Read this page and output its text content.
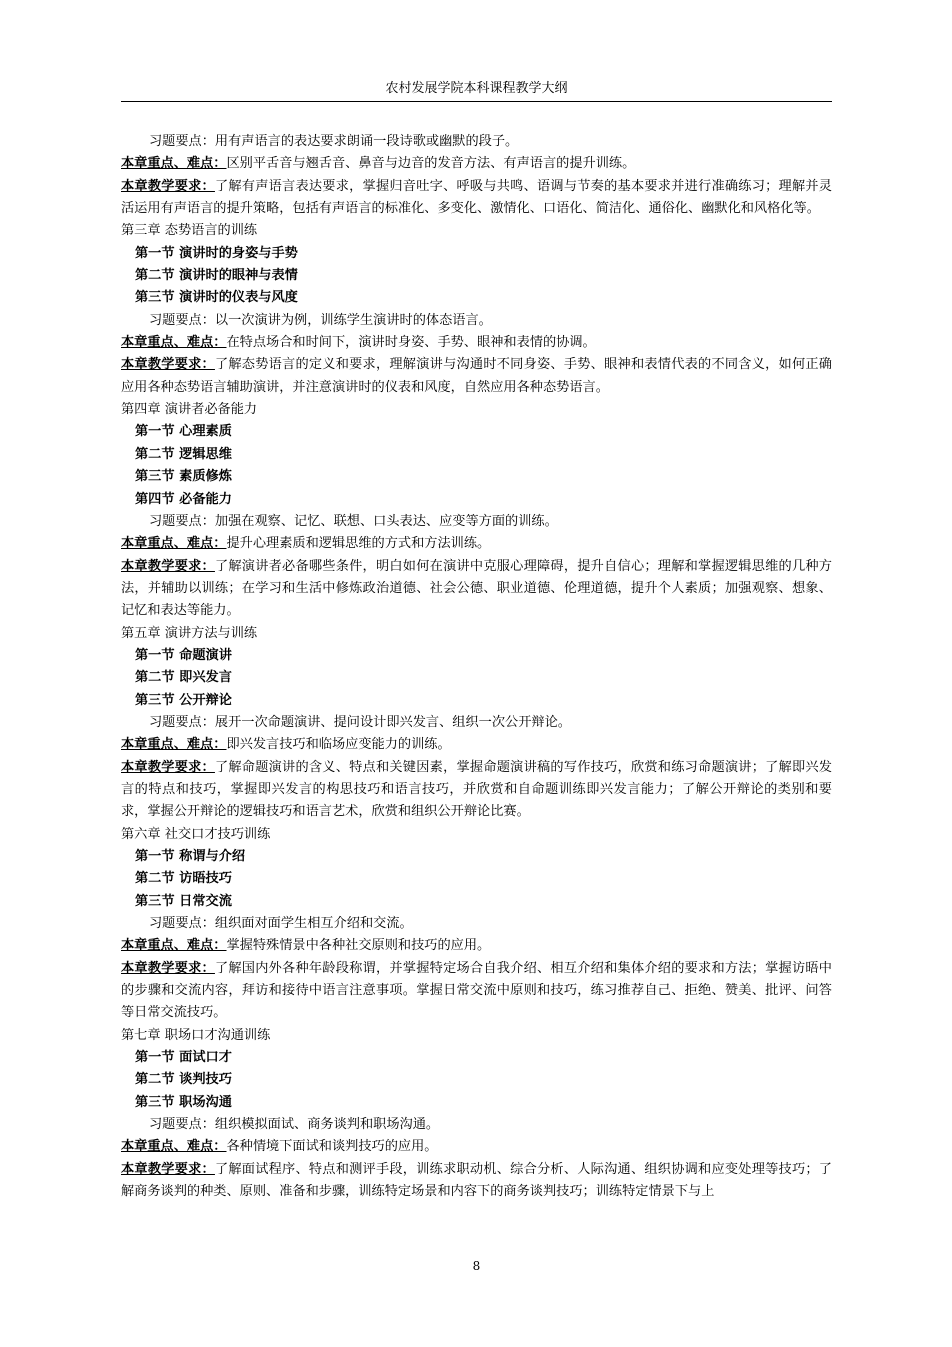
农村发展学院本科课程教学大纲

习题要点：用有声语言的表达要求朗诵一段诗歌或幽默的段子。

本章重点、难点：区别平舌音与翘舌音、鼻音与边音的发音方法、有声语言的提升训练。

本章教学要求：了解有声语言表达要求，掌握归音吐字、呼吸与共鸣、语调与节奏的基本要求并进行准确练习；理解并灵活运用有声语言的提升策略，包括有声语言的标准化、多变化、激情化、口语化、简洁化、通俗化、幽默化和风格化等。

第三章 态势语言的训练

第一节 演讲时的身姿与手势

第二节 演讲时的眼神与表情

第三节 演讲时的仪表与风度

习题要点：以一次演讲为例，训练学生演讲时的体态语言。

本章重点、难点：在特点场合和时间下，演讲时身姿、手势、眼神和表情的协调。

本章教学要求：了解态势语言的定义和要求，理解演讲与沟通时不同身姿、手势、眼神和表情代表的不同含义，如何正确应用各种态势语言辅助演讲，并注意演讲时的仪表和风度，自然应用各种态势语言。

第四章 演讲者必备能力

第一节 心理素质

第二节 逻辑思维

第三节 素质修炼

第四节 必备能力

习题要点：加强在观察、记忆、联想、口头表达、应变等方面的训练。

本章重点、难点：提升心理素质和逻辑思维的方式和方法训练。

本章教学要求：了解演讲者必备哪些条件，明白如何在演讲中克服心理障碍，提升自信心；理解和掌握逻辑思维的几种方法，并辅助以训练；在学习和生活中修炼政治道德、社会公德、职业道德、伦理道德，提升个人素质；加强观察、想象、记忆和表达等能力。

第五章 演讲方法与训练

第一节 命题演讲

第二节 即兴发言

第三节 公开辩论

习题要点：展开一次命题演讲、提问设计即兴发言、组织一次公开辩论。

本章重点、难点：即兴发言技巧和临场应变能力的训练。

本章教学要求：了解命题演讲的含义、特点和关键因素，掌握命题演讲稿的写作技巧，欣赏和练习命题演讲；了解即兴发言的特点和技巧，掌握即兴发言的构思技巧和语言技巧，并欣赏和自命题训练即兴发言能力；了解公开辩论的类别和要求，掌握公开辩论的逻辑技巧和语言艺术，欣赏和组织公开辩论比赛。

第六章 社交口才技巧训练

第一节 称谓与介绍

第二节 访晤技巧

第三节 日常交流

习题要点：组织面对面学生相互介绍和交流。

本章重点、难点：掌握特殊情景中各种社交原则和技巧的应用。

本章教学要求：了解国内外各种年龄段称谓，并掌握特定场合自我介绍、相互介绍和集体介绍的要求和方法；掌握访晤中的步骤和交流内容，拜访和接待中语言注意事项。掌握日常交流中原则和技巧，练习推荐自己、拒绝、赞美、批评、问答等日常交流技巧。

第七章 职场口才沟通训练

第一节 面试口才

第二节 谈判技巧

第三节 职场沟通

习题要点：组织模拟面试、商务谈判和职场沟通。

本章重点、难点：各种情境下面试和谈判技巧的应用。

本章教学要求：了解面试程序、特点和测评手段，训练求职动机、综合分析、人际沟通、组织协调和应变处理等技巧；了解商务谈判的种类、原则、准备和步骤，训练特定场景和内容下的商务谈判技巧；训练特定情景下与上

8
